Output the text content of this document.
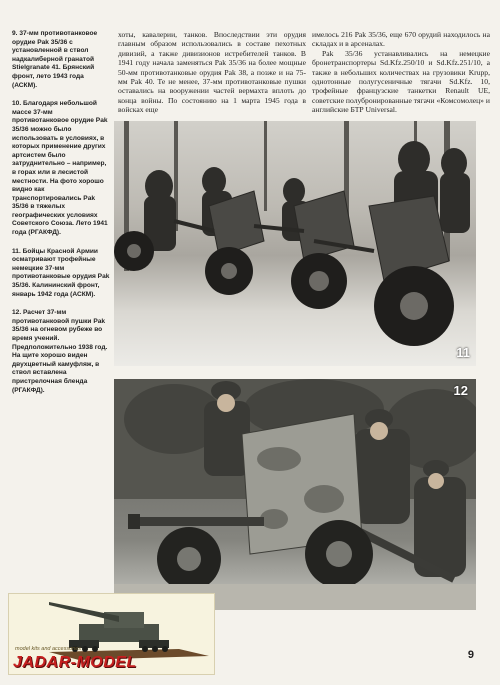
9. 37-мм противотанковое орудие Pak 35/36 с установленной в ствол надкалиберной гранатой Stielgranate 41. Брянский фронт, лето 1943 года (АСКМ).

10. Благодаря небольшой массе 37-мм противотанковое орудие Pak 35/36 можно было использовать в условиях, в которых применение других артсистем было затруднительно – например, в горах или в лесистой местности. На фото хорошо видно как транспортировались Pak 35/36 в тяжелых географических условиях Советского Союза. Лето 1941 года (РГАКФД).

11. Бойцы Красной Армии осматривают трофейные немецкие 37-мм противотанковые орудия Pak 35/36. Калининский фронт, январь 1942 года (АСКМ).

12. Расчет 37-мм противотанковой пушки Pak 35/36 на огневом рубеже во время учений. Предположительно 1938 год. На щите хорошо виден двухцветный камуфляж, в ствол вставлена пристрелочная бленда (РГАКФД).

хоты, кавалерии, танков. Впоследствии эти орудия главным образом использовались в составе пехотных дивизий, а также дивизионов истребителей танков. В 1941 году начала заменяться Pak 35/36 на более мощные 50-мм противотанковые орудия Pak 38, а позже и на 75-мм Pak 40. Те не менее, 37-мм противотанковые пушки оставались на вооружении частей вермахта вплоть до конца войны. По состоянию на 1 марта 1945 года в войсках еще

имелось 216 Pak 35/36, еще 670 орудий находилось на складах и в арсеналах.

Pak 35/36 устанавливались на немецкие бронетранспортеры Sd.Kfz.250/10 и Sd.Kfz.251/10, а также в небольших количествах на грузовики Krupp, однотонные полугусеничные тягачи Sd.Kfz. 10, трофейные французские танкетки Renault UE, советские полубронированные тягачи «Комсомолец» и английские БТР Universal.

11
12
model kits and accessories
JADAR-MODEL	9
